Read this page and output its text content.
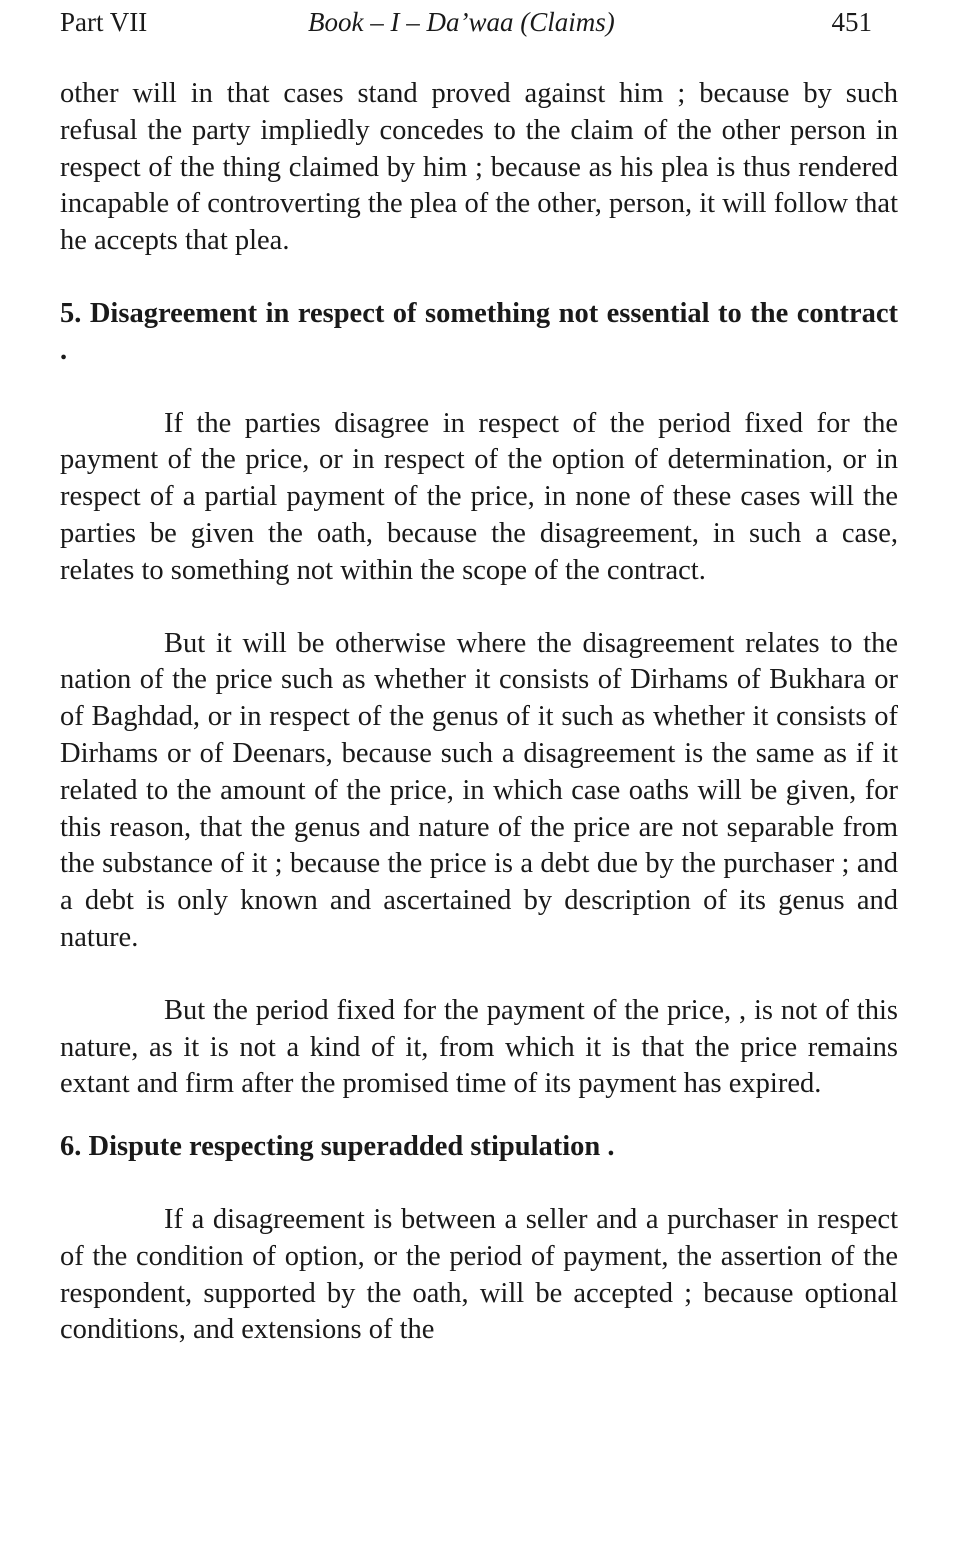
Part VII	Book – I – Da’waa (Claims)	451

other will in that cases stand proved against him ; because by such refusal the party impliedly concedes to the claim of the other person in respect of the thing claimed by him ; because as his plea is thus rendered incapable of controverting the plea of the other, person, it will follow that he accepts that plea.

5. Disagreement in respect of something not essential to the contract .

If the parties disagree in respect of the period fixed for the payment of the price, or in respect of the option of determination, or in respect of a partial payment of the price, in none of these cases will the parties be given the oath, because the disagreement, in such a case, relates to something not within the scope of the contract.

But it will be otherwise where the disagreement relates to the nation of the price such as whether it consists of Dirhams of Bukhara or of Baghdad, or in respect of the genus of it such as whether it consists of Dirhams or of Deenars, because such a disagreement is the same as if it related to the amount of the price, in which case oaths will be given, for this reason, that the genus and nature of the price are not separable from the substance of it ; because the price is a debt due by the purchaser ; and a debt is only known and ascertained by description of its genus and nature.

But the period fixed for the payment of the price, , is not of this nature, as it is not a kind of it, from which it is that the price remains extant and firm after the promised time of its payment has expired.

6. Dispute respecting superadded stipulation .

If a disagreement is between a seller and a purchaser in respect of the condition of option, or the period of payment, the assertion of the respondent, supported by the oath, will be accepted ; because optional conditions, and extensions of the
